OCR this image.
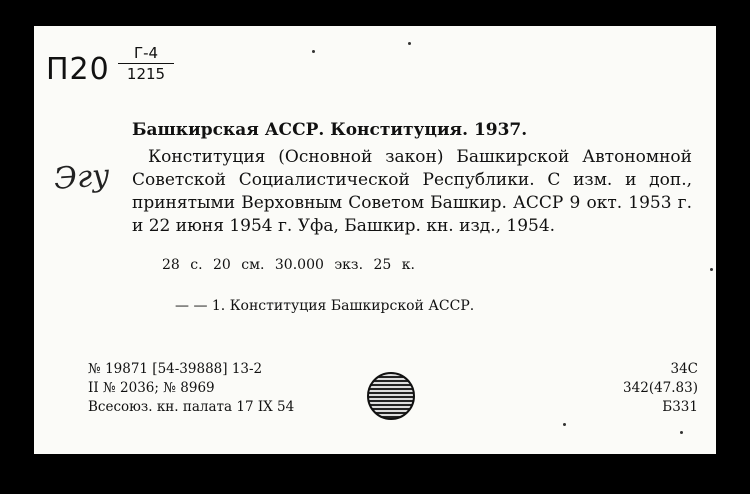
П20	Г-4
1215
Эгу
Башкирская АССР. Конституция. 1937.
Конституция (Основной закон) Башкирской Автономной Советской Социалистической Республики. С изм. и доп., принятыми Верховным Советом Башкир. АССР 9 окт. 1953 г. и 22 июня 1954 г. Уфа, Башкир. кн. изд., 1954.
28 с. 20 см. 30.000 экз. 25 к.
— — 1. Конституция Башкирской АССР.
№ 19871 [54-39888] 13-2
II № 2036; № 8969
Всесоюз. кн. палата 17 IX 54
34С
342(47.83)
Б331
